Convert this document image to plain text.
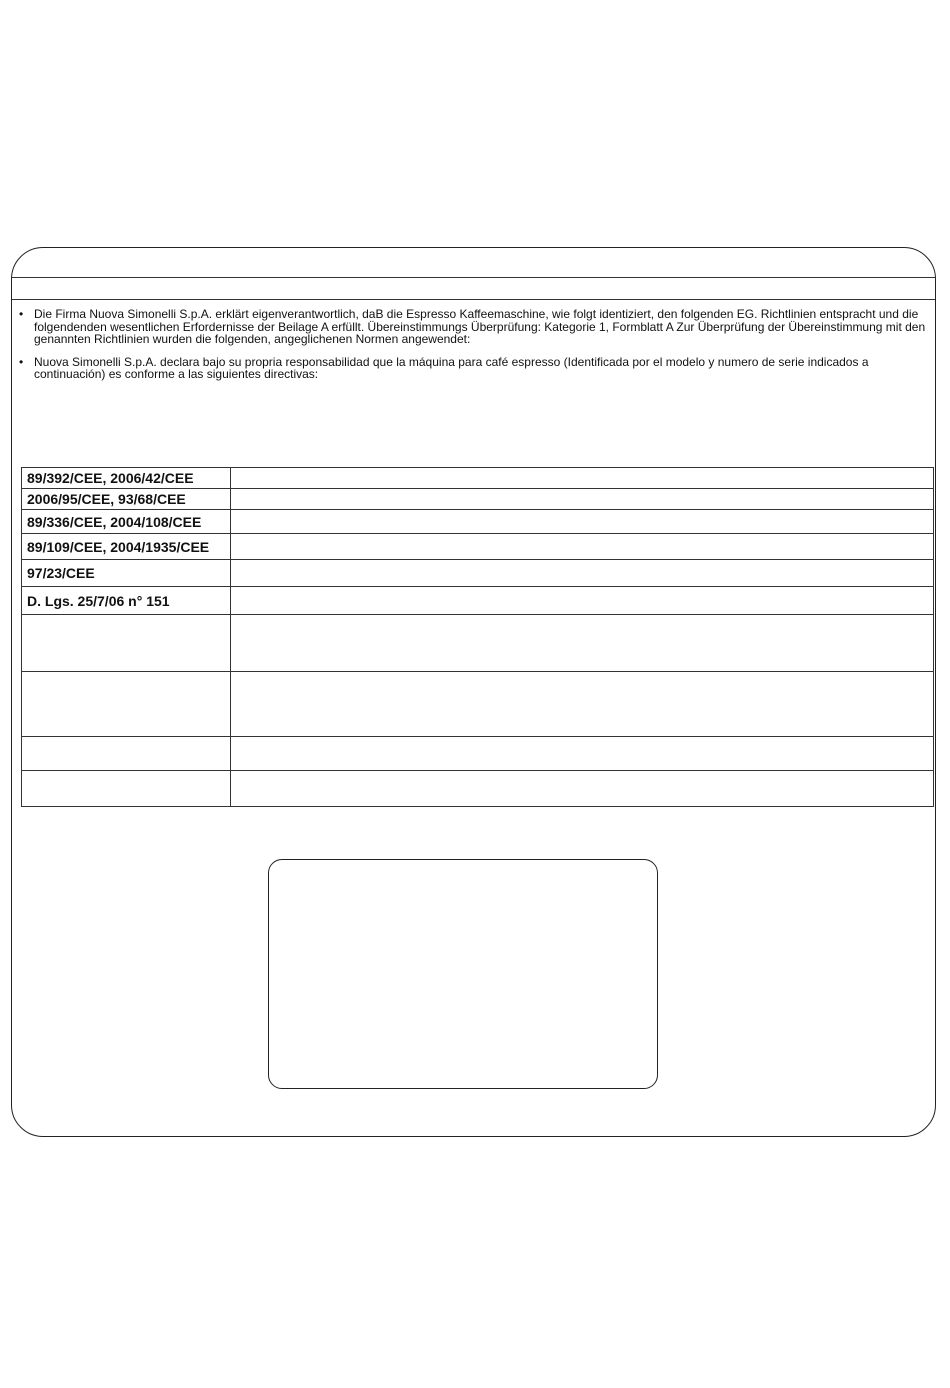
• Die Firma Nuova Simonelli S.p.A. erklärt eigenverantwortlich, daB die Espresso Kaffeemaschine, wie folgt identiziert, den folgenden EG. Richtlinien entspracht und die folgendenden wesentlichen Erfordernisse der Beilage A erfüllt. Übereinstimmungs Überprüfung: Kategorie 1, Formblatt A Zur Überprüfung der Übereinstimmung mit den genannten Richtlinien wurden die folgenden, angeglichenen Normen angewendet:
• Nuova Simonelli S.p.A. declara bajo su propria responsabilidad que la máquina para café espresso (Identificada por el modelo y numero de serie indicados a continuación) es conforme a las siguientes directivas:
89/392/CEE, 2006/42/CEE	
2006/95/CEE, 93/68/CEE	
89/336/CEE, 2004/108/CEE	
89/109/CEE, 2004/1935/CEE	
97/23/CEE	
D. Lgs. 25/7/06 n° 151	
